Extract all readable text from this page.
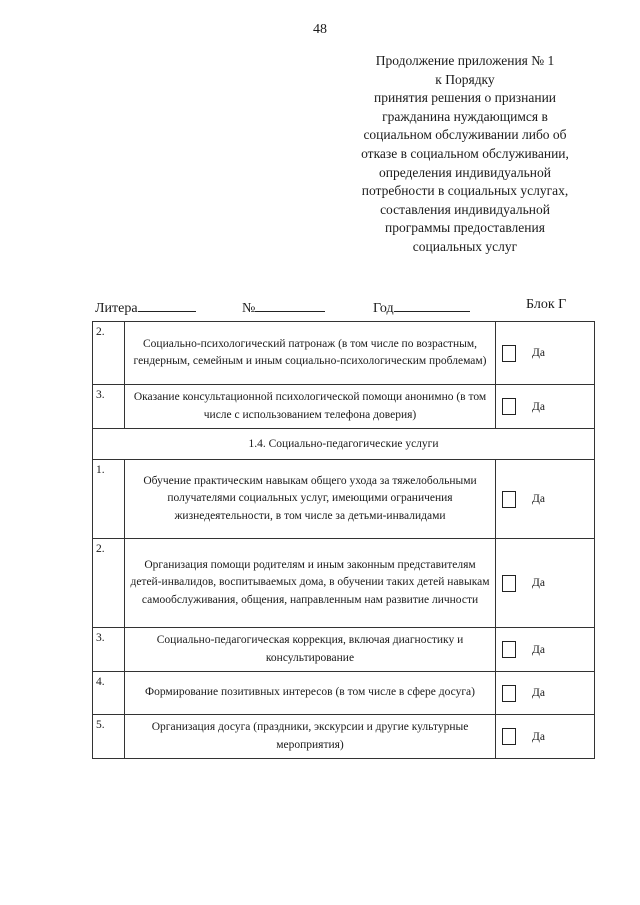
48
Продолжение приложения № 1
к Порядку
принятия решения о признании
гражданина нуждающимся в
социальном обслуживании либо об
отказе в социальном обслуживании,
определения индивидуальной
потребности в социальных услугах,
составления индивидуальной
программы предоставления
социальных услуг
Литера	№	Год	Блок Г
2.	Социально-психологический патронаж (в том числе по возрастным, гендерным, семейным и иным социально-психологическим проблемам)	Да

3.	Оказание консультационной психологической помощи анонимно (в том числе с использованием телефона доверия)	Да

1.4. Социально-педагогические услуги		
1.	Обучение практическим навыкам общего ухода за тяжелобольными получателями социальных услуг, имеющими ограничения жизнедеятельности, в том числе за детьми-инвалидами	Да

2.	Организация помощи родителям и иным законным представителям детей-инвалидов, воспитываемых дома, в обучении таких детей навыкам самообслуживания, общения, направленным нам развитие личности	Да

3.	Социально-педагогическая коррекция, включая диагностику и консультирование	Да

4.	Формирование позитивных интересов (в том числе в сфере досуга)	Да

5.	Организация досуга (праздники, экскурсии и другие культурные мероприятия)	Да
